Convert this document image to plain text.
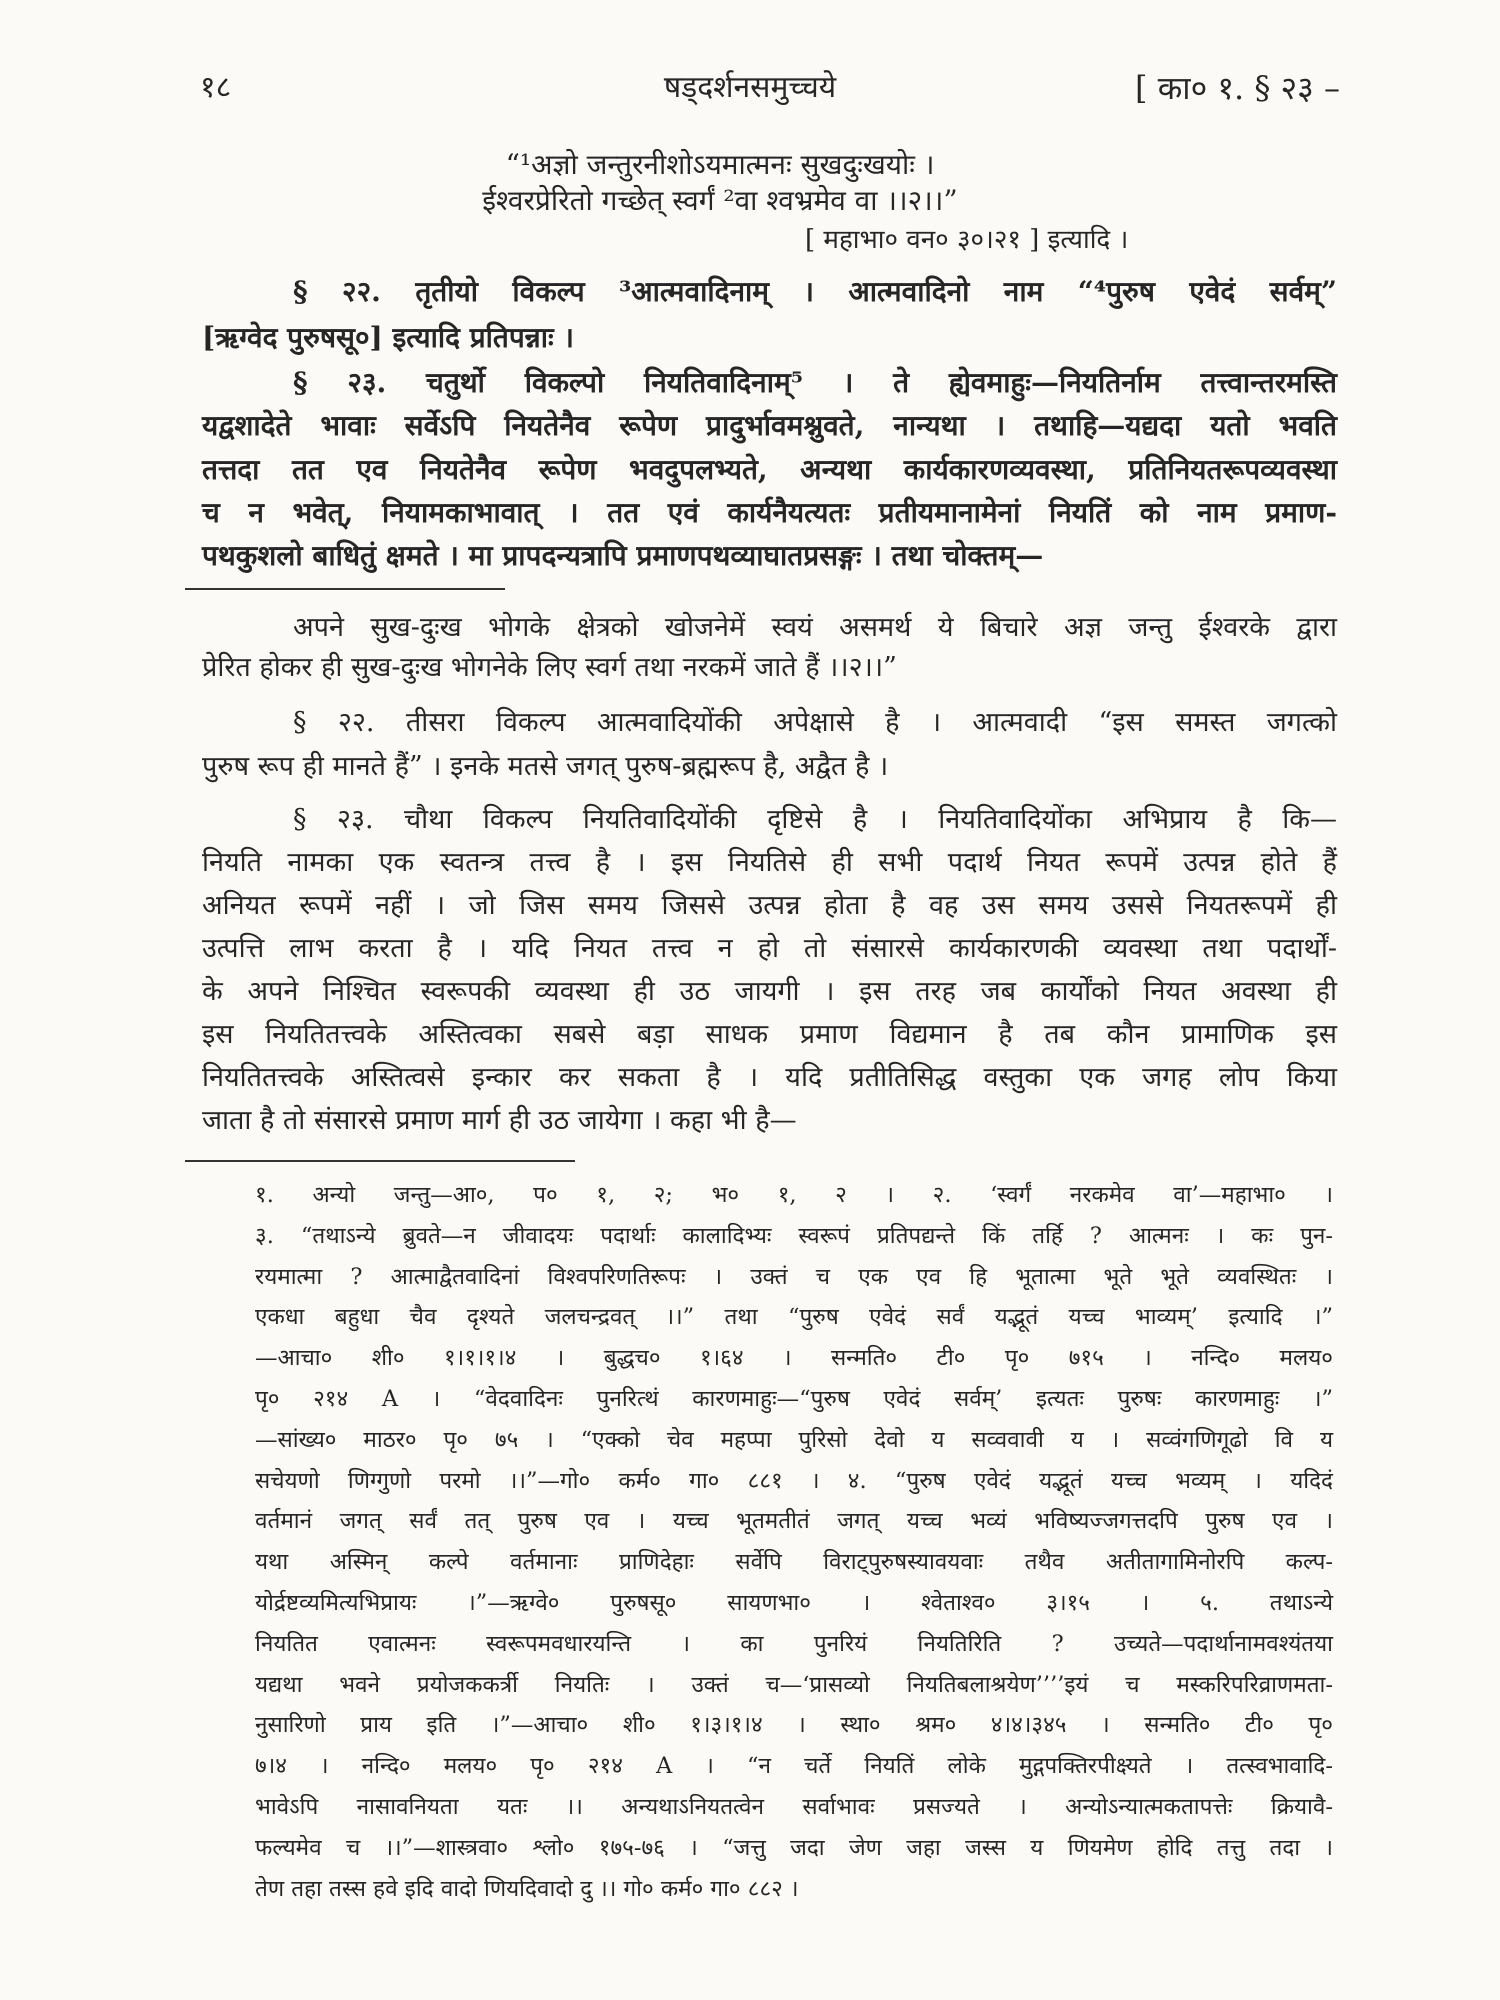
१८	षड्दर्शनसमुच्चये	[ का० १. § २३ –
“¹अज्ञो जन्तुरनीशोऽयमात्मनः सुखदुःखयोः ।
ईश्वरप्रेरितो गच्छेत् स्वर्गं ²वा श्वभ्रमेव वा ।।२।।”
[ महाभा० वन० ३०।२१ ] इत्यादि ।
§ २२. तृतीयो विकल्प ³आत्मवादिनाम् । आत्मवादिनो नाम “⁴पुरुष एवेदं सर्वम्”
[ऋग्वेद पुरुषसू०] इत्यादि प्रतिपन्नाः ।
§ २३. चतुर्थो विकल्पो नियतिवादिनाम्⁵ । ते ह्येवमाहुः—नियतिर्नाम तत्त्वान्तरमस्ति
यद्वशादेते भावाः सर्वेऽपि नियतेनैव रूपेण प्रादुर्भावमश्नुवते, नान्यथा । तथाहि—यद्यदा यतो भवति
तत्तदा तत एव नियतेनैव रूपेण भवदुपलभ्यते, अन्यथा कार्यकारणव्यवस्था, प्रतिनियतरूपव्यवस्था
च न भवेत्, नियामकाभावात् । तत एवं कार्यनैयत्यतः प्रतीयमानामेनां नियतिं को नाम प्रमाण-
पथकुशलो बाधितुं क्षमते । मा प्रापदन्यत्रापि प्रमाणपथव्याघातप्रसङ्गः । तथा चोक्तम्—
अपने सुख-दुःख भोगके क्षेत्रको खोजनेमें स्वयं असमर्थ ये बिचारे अज्ञ जन्तु ईश्वरके द्वारा
प्रेरित होकर ही सुख-दुःख भोगनेके लिए स्वर्ग तथा नरकमें जाते हैं ।।२।।”
§ २२. तीसरा विकल्प आत्मवादियोंकी अपेक्षासे है । आत्मवादी “इस समस्त जगत्को
पुरुष रूप ही मानते हैं” । इनके मतसे जगत् पुरुष-ब्रह्मरूप है, अद्वैत है ।
§ २३. चौथा विकल्प नियतिवादियोंकी दृष्टिसे है । नियतिवादियोंका अभिप्राय है कि—
नियति नामका एक स्वतन्त्र तत्त्व है । इस नियतिसे ही सभी पदार्थ नियत रूपमें उत्पन्न होते हैं
अनियत रूपमें नहीं । जो जिस समय जिससे उत्पन्न होता है वह उस समय उससे नियतरूपमें ही
उत्पत्ति लाभ करता है । यदि नियत तत्त्व न हो तो संसारसे कार्यकारणकी व्यवस्था तथा पदार्थों-
के अपने निश्चित स्वरूपकी व्यवस्था ही उठ जायगी । इस तरह जब कार्योंको नियत अवस्था ही
इस नियतितत्त्वके अस्तित्वका सबसे बड़ा साधक प्रमाण विद्यमान है तब कौन प्रामाणिक इस
नियतितत्त्वके अस्तित्वसे इन्कार कर सकता है । यदि प्रतीतिसिद्ध वस्तुका एक जगह लोप किया
जाता है तो संसारसे प्रमाण मार्ग ही उठ जायेगा । कहा भी है—
१. अन्यो जन्तु—आ०, प० १, २; भ० १, २ । २. ‘स्वर्गं नरकमेव वा’—महाभा० ।
३. “तथाऽन्ये ब्रुवते—न जीवादयः पदार्थाः कालादिभ्यः स्वरूपं प्रतिपद्यन्ते किं तर्हि ? आत्मनः । कः पुन-
रयमात्मा ? आत्माद्वैतवादिनां विश्वपरिणतिरूपः । उक्तं च एक एव हि भूतात्मा भूते भूते व्यवस्थितः ।
एकधा बहुधा चैव दृश्यते जलचन्द्रवत् ।।” तथा “पुरुष एवेदं सर्वं यद्भूतं यच्च भाव्यम्’ इत्यादि ।”
—आचा० शी० १।१।१।४ । बुद्धच० १।६४ । सन्मति० टी० पृ० ७१५ । नन्दि० मलय०
पृ० २१४ A । “वेदवादिनः पुनरित्थं कारणमाहुः—“पुरुष एवेदं सर्वम्’ इत्यतः पुरुषः कारणमाहुः ।”
—सांख्य० माठर० पृ० ७५ । “एक्को चेव महप्पा पुरिसो देवो य सव्ववावी य । सव्वंगणिगूढो वि य
सचेयणो णिग्गुणो परमो ।।”—गो० कर्म० गा० ८८१ । ४. “पुरुष एवेदं यद्भूतं यच्च भव्यम् । यदिदं
वर्तमानं जगत् सर्वं तत् पुरुष एव । यच्च भूतमतीतं जगत् यच्च भव्यं भविष्यज्जगत्तदपि पुरुष एव ।
यथा अस्मिन् कल्पे वर्तमानाः प्राणिदेहाः सर्वेपि विराट्पुरुषस्यावयवाः तथैव अतीतागामिनोरपि कल्प-
योर्द्रष्टव्यमित्यभिप्रायः ।”—ऋग्वे० पुरुषसू० सायणभा० । श्वेताश्व० ३।१५ । ५. तथाऽन्ये
नियतित एवात्मनः स्वरूपमवधारयन्ति । का पुनरियं नियतिरिति ? उच्यते—पदार्थानामवश्यंतया
यद्यथा भवने प्रयोजककर्त्री नियतिः । उक्तं च—‘प्रासव्यो नियतिबलाश्रयेण’’’’इयं च मस्करिपरिव्राणमता-
नुसारिणो प्राय इति ।”—आचा० शी० १।३।१।४ । स्था० श्रम० ४।४।३४५ । सन्मति० टी० पृ०
७।४ । नन्दि० मलय० पृ० २१४ A । “न चर्ते नियतिं लोके मुद्गपक्तिरपीक्ष्यते । तत्स्वभावादि-
भावेऽपि नासावनियता यतः ।। अन्यथाऽनियतत्वेन सर्वाभावः प्रसज्यते । अन्योऽन्यात्मकतापत्तेः क्रियावै-
फल्यमेव च ।।”—शास्त्रवा० श्लो० १७५-७६ । “जत्तु जदा जेण जहा जस्स य णियमेण होदि तत्तु तदा ।
तेण तहा तस्स हवे इदि वादो णियदिवादो दु ।। गो० कर्म० गा० ८८२ ।
